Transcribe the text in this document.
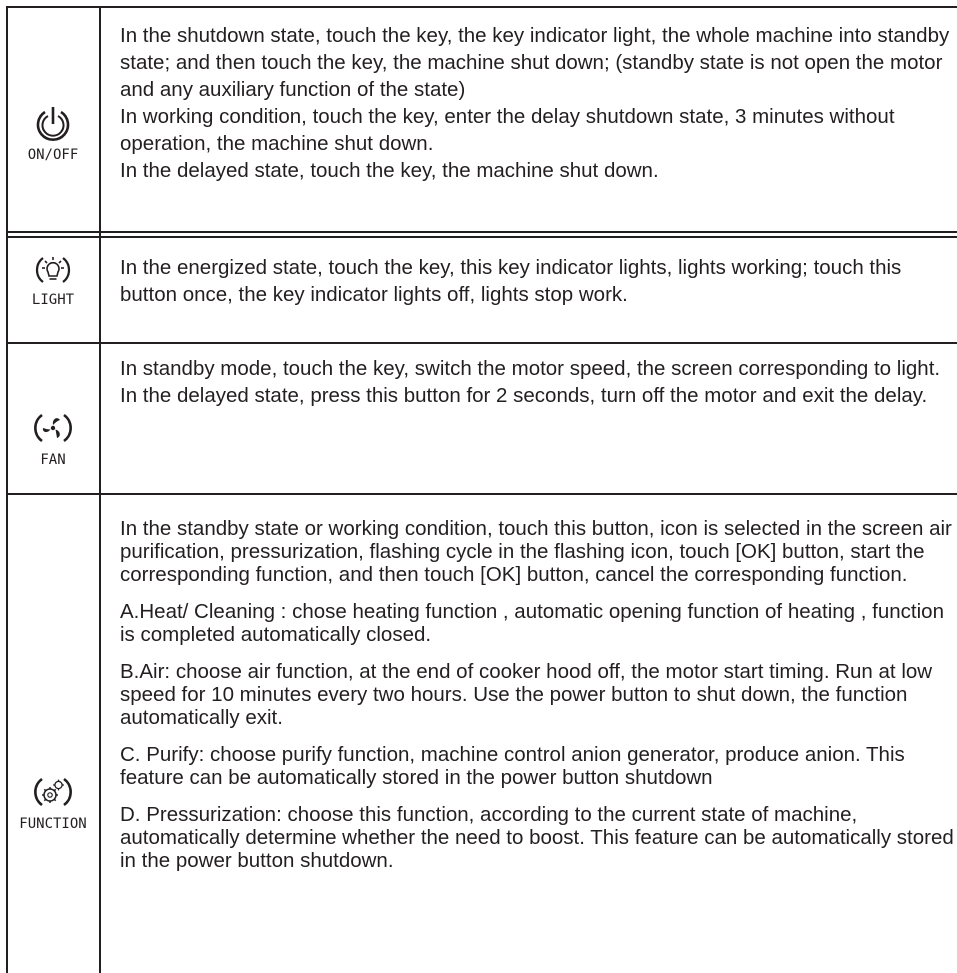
ON/OFF

In the shutdown state, touch the key, the key indicator light, the whole machine into standby state; and then touch the key, the machine shut down; (standby state is not open the motor and any auxiliary function of the state)

In working condition, touch the key, enter the delay shutdown state, 3 minutes without operation, the machine shut down.

In the delayed state, touch the key, the machine shut down.

LIGHT

In the energized state, touch the key, this key indicator lights, lights working; touch this button once, the key indicator lights off, lights stop work.

FAN

In standby mode, touch the key, switch the motor speed, the screen corresponding to light.

In the delayed state, press this button for 2 seconds, turn off the motor and exit the delay.

FUNCTION

In the standby state or working condition, touch this button, icon is selected in the screen air purification, pressurization, flashing cycle in the flashing icon, touch [OK] button, start the corresponding function, and then touch [OK] button, cancel the corresponding function.

A.Heat/ Cleaning : chose heating function , automatic opening function of heating , function is completed automatically closed.

B.Air: choose air function, at the end of cooker hood off, the motor start timing. Run at low speed for 10 minutes every two hours. Use the power button to shut down, the function automatically exit.

C. Purify: choose purify function, machine control anion generator, produce anion. This feature can be automatically stored in the power button shutdown

D. Pressurization: choose this function, according to the current state of machine, automatically determine whether the need to boost. This feature can be automatically stored in the power button shutdown.
